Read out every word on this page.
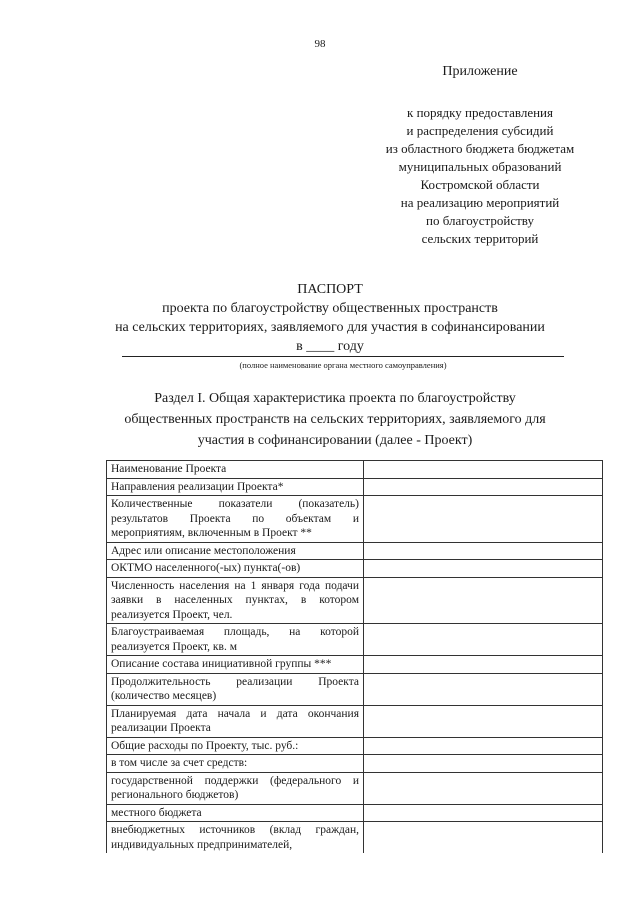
98
Приложение
к порядку предоставления
и распределения субсидий
из областного бюджета бюджетам
муниципальных образований
Костромской области
на реализацию мероприятий
по благоустройству
сельских территорий
ПАСПОРТ
проекта по благоустройству общественных пространств
на сельских территориях, заявляемого для участия в софинансировании
в ____ году
(полное наименование органа местного самоуправления)
Раздел I. Общая характеристика проекта по благоустройству
общественных пространств на сельских территориях, заявляемого для
участия в софинансировании (далее - Проект)
Наименование Проекта	
Направления реализации Проекта*	
Количественные показатели (показатель) результатов Проекта по объектам и мероприятиям, включенным в Проект **	
Адрес или описание местоположения	
ОКТМО населенного(-ых) пункта(-ов)	
Численность населения на 1 января года подачи заявки в населенных пунктах, в котором реализуется Проект, чел.	
Благоустраиваемая площадь, на которой реализуется Проект, кв. м	
Описание состава инициативной группы ***	
Продолжительность реализации Проекта (количество месяцев)	
Планируемая дата начала и дата окончания реализации Проекта	
Общие расходы по Проекту, тыс. руб.:	
в том числе за счет средств:	
государственной поддержки (федерального и регионального бюджетов)	
местного бюджета	
внебюджетных источников (вклад граждан, индивидуальных предпринимателей,	
